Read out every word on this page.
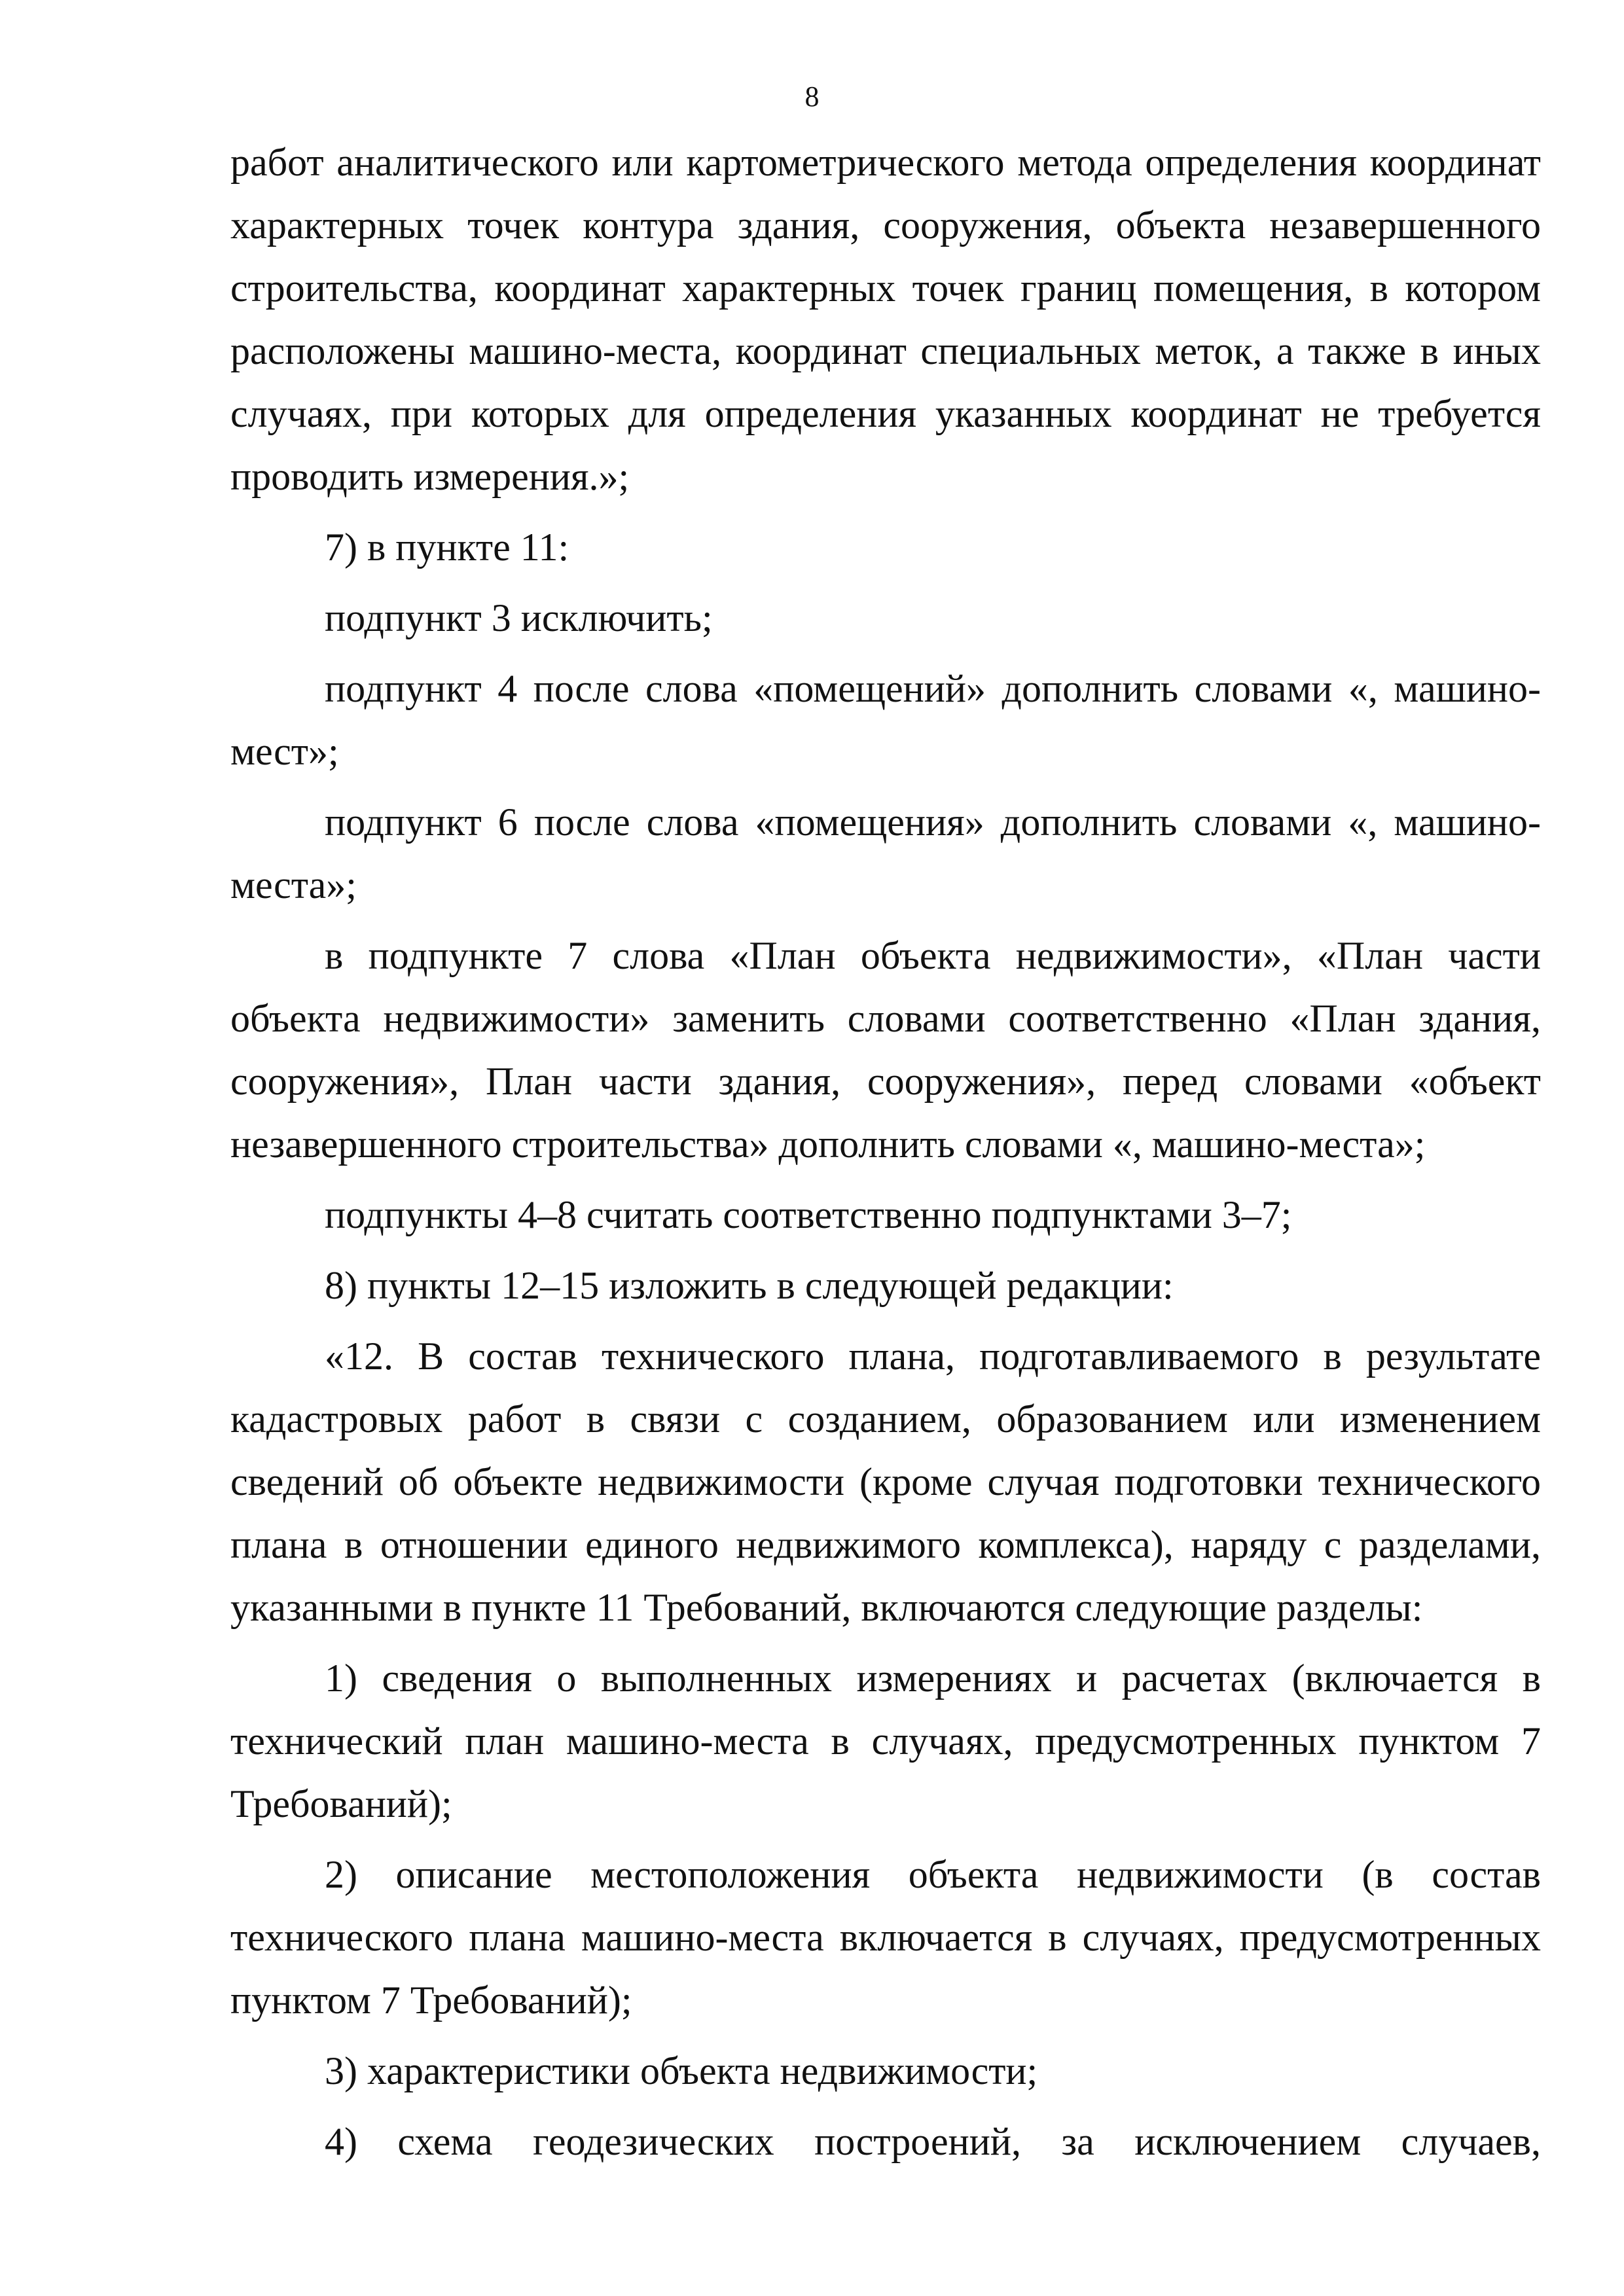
8

работ аналитического или картометрического метода определения координат характерных точек контура здания, сооружения, объекта незавершенного строительства, координат характерных точек границ помещения, в котором расположены машино-места, координат специальных меток, а также в иных случаях, при которых для определения указанных координат не требуется проводить измерения.»;

7) в пункте 11:

подпункт 3 исключить;

подпункт 4 после слова «помещений» дополнить словами «, машино-мест»;

подпункт 6 после слова «помещения» дополнить словами «, машино-места»;

в подпункте 7 слова «План объекта недвижимости», «План части объекта недвижимости» заменить словами соответственно «План здания, сооружения», План части здания, сооружения», перед словами «объект незавершенного строительства» дополнить словами «, машино-места»;

подпункты 4–8 считать соответственно подпунктами 3–7;

8) пункты 12–15 изложить в следующей редакции:

«12. В состав технического плана, подготавливаемого в результате кадастровых работ в связи с созданием, образованием или изменением сведений об объекте недвижимости (кроме случая подготовки технического плана в отношении единого недвижимого комплекса), наряду с разделами, указанными в пункте 11 Требований, включаются следующие разделы:

1) сведения о выполненных измерениях и расчетах (включается в технический план машино-места в случаях, предусмотренных пунктом 7 Требований);

2) описание местоположения объекта недвижимости (в состав технического плана машино-места включается в случаях, предусмотренных пунктом 7 Требований);

3) характеристики объекта недвижимости;

4) схема геодезических построений, за исключением случаев,
